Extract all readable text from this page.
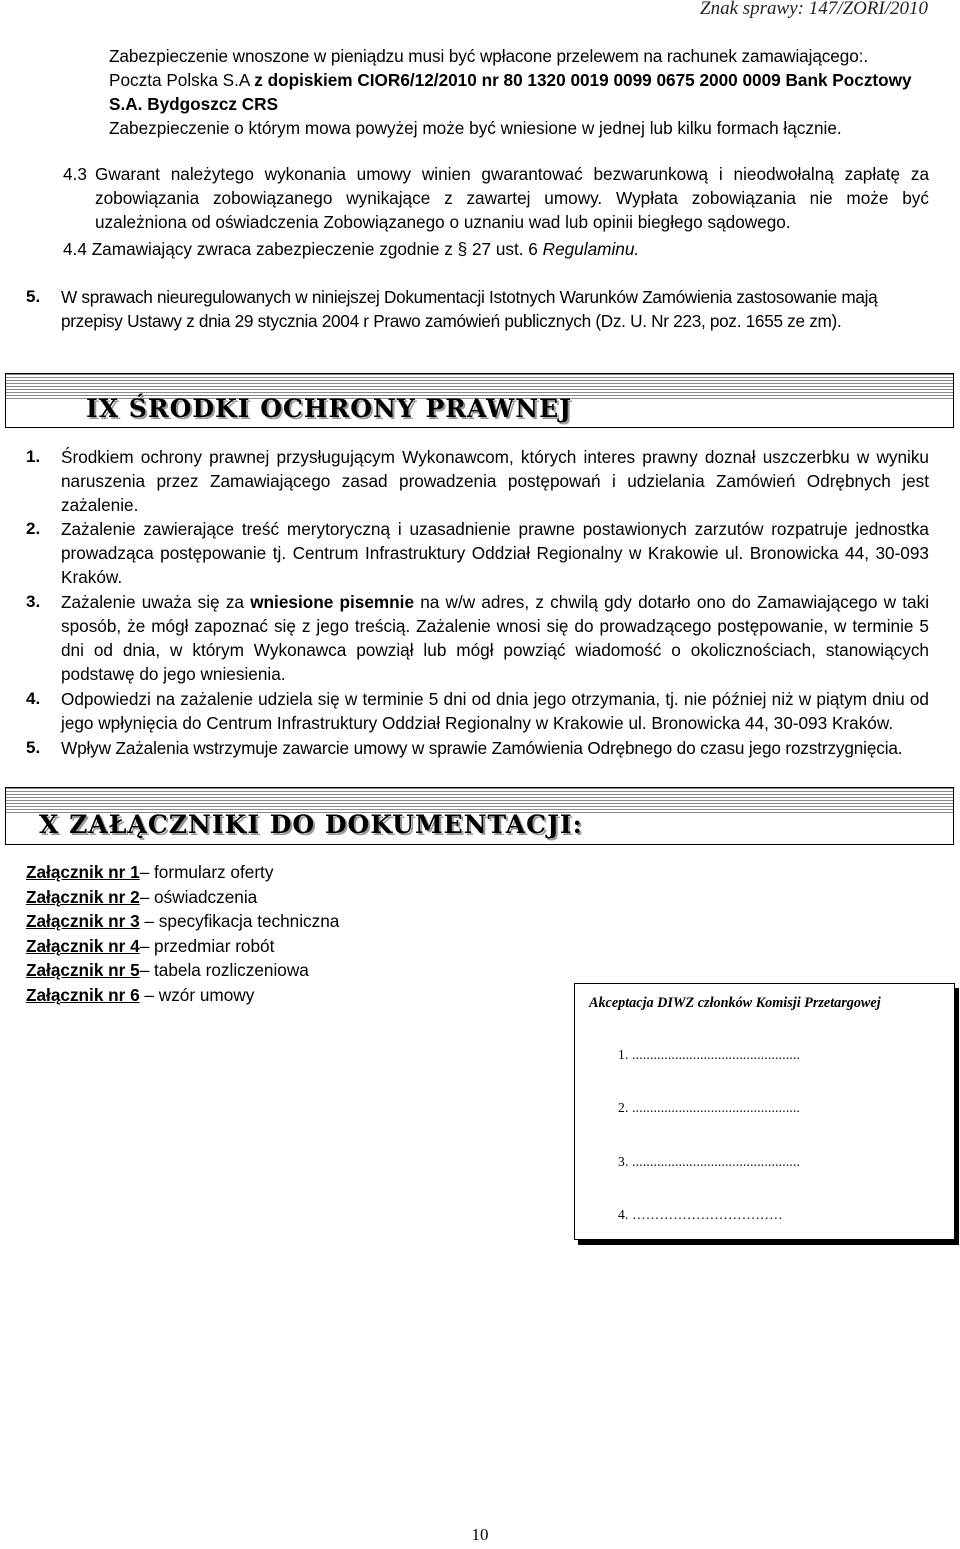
Znak sprawy: 147/ZORI/2010
Zabezpieczenie wnoszone w pieniądzu musi być wpłacone przelewem na rachunek zamawiającego:.
Poczta Polska S.A z dopiskiem CIOR6/12/2010 nr 80 1320 0019 0099 0675 2000 0009 Bank Pocztowy
S.A. Bydgoszcz CRS
Zabezpieczenie o którym mowa powyżej może być wniesione w jednej lub kilku formach łącznie.
4.3 Gwarant należytego wykonania umowy winien gwarantować bezwarunkową i nieodwołalną zapłatę za zobowiązania zobowiązanego wynikające z zawartej umowy. Wypłata zobowiązania nie może być uzależniona od oświadczenia Zobowiązanego o uznaniu wad lub opinii biegłego sądowego.
4.4 Zamawiający zwraca zabezpieczenie zgodnie z § 27 ust. 6 Regulaminu.
5. W sprawach nieuregulowanych w niniejszej Dokumentacji Istotnych Warunków Zamówienia zastosowanie mają przepisy Ustawy z dnia 29 stycznia 2004 r Prawo zamówień publicznych (Dz. U. Nr 223, poz. 1655 ze zm).
IX ŚRODKI OCHRONY PRAWNEJ
1. Środkiem ochrony prawnej przysługującym Wykonawcom, których interes prawny doznał uszczerbku w wyniku naruszenia przez Zamawiającego zasad prowadzenia postępowań i udzielania Zamówień Odrębnych jest zażalenie.
2. Zażalenie zawierające treść merytoryczną i uzasadnienie prawne postawionych zarzutów rozpatruje jednostka prowadząca postępowanie tj. Centrum Infrastruktury Oddział Regionalny w Krakowie ul. Bronowicka 44, 30-093 Kraków.
3. Zażalenie uważa się za wniesione pisemnie na w/w adres, z chwilą gdy dotarło ono do Zamawiającego w taki sposób, że mógł zapoznać się z jego treścią. Zażalenie wnosi się do prowadzącego postępowanie, w terminie 5 dni od dnia, w którym Wykonawca powziął lub mógł powziąć wiadomość o okolicznościach, stanowiących podstawę do jego wniesienia.
4. Odpowiedzi na zażalenie udziela się w terminie 5 dni od dnia jego otrzymania, tj. nie później niż w piątym dniu od jego wpłynięcia do Centrum Infrastruktury Oddział Regionalny w Krakowie ul. Bronowicka 44, 30-093 Kraków.
5. Wpływ Zażalenia wstrzymuje zawarcie umowy w sprawie Zamówienia Odrębnego do czasu jego rozstrzygnięcia.
X ZAŁĄCZNIKI DO DOKUMENTACJI:
Załącznik nr 1– formularz oferty
Załącznik nr 2– oświadczenia
Załącznik nr 3 – specyfikacja techniczna
Załącznik nr 4– przedmiar robót
Załącznik nr 5– tabela rozliczeniowa
Załącznik nr 6 – wzór umowy	Akceptacja DIWZ członków Komisji Przetargowej
1. ...............................................
2. ...............................................
3. ...............................................
4. ……………………………
10
